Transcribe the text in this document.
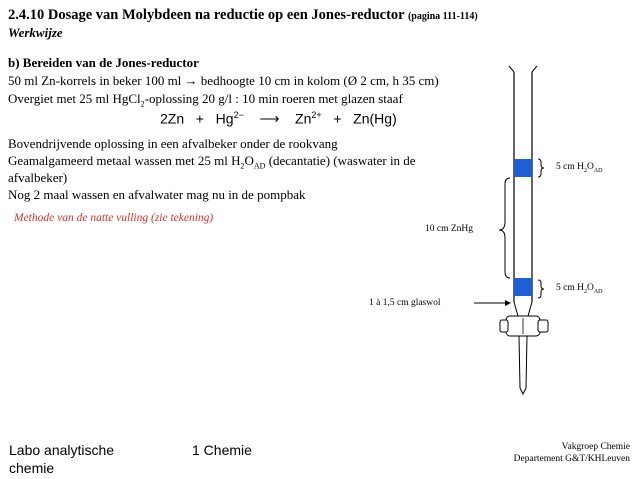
2.4.10 Dosage van Molybdeen na reductie op een Jones-reductor (pagina 111-114)
Werkwijze
b) Bereiden van de Jones-reductor
50 ml Zn-korrels in beker 100 ml → bedhoogte 10 cm in kolom (Ø 2 cm, h 35 cm)
Overgiet met 25 ml HgCl$_2$-oplossing 20 g/l : 10 min roeren met glazen staaf
$2Zn + Hg^{2-}$ ⟶ $Zn^{2+} + Zn(Hg)$
Bovendrijvende oplossing in een afvalbeker onder de rookvang
Geamalgameerd metaal wassen met 25 ml $H_2O_{AD}$ (decantatie) (waswater in de
afvalbeker)
Nog 2 maal wassen en afvalwater mag nu in de pompbak
Methode van de natte vulling (zie tekening)
5 cm $H_2O_{AD}$
10 cm ZnHg
5 cm $H_2O_{AD}$
1 à 1,5 cm glaswol
Labo analytische chemie
1 Chemie	Vakgroep Chemie
Departement G&T/KHLeuven
